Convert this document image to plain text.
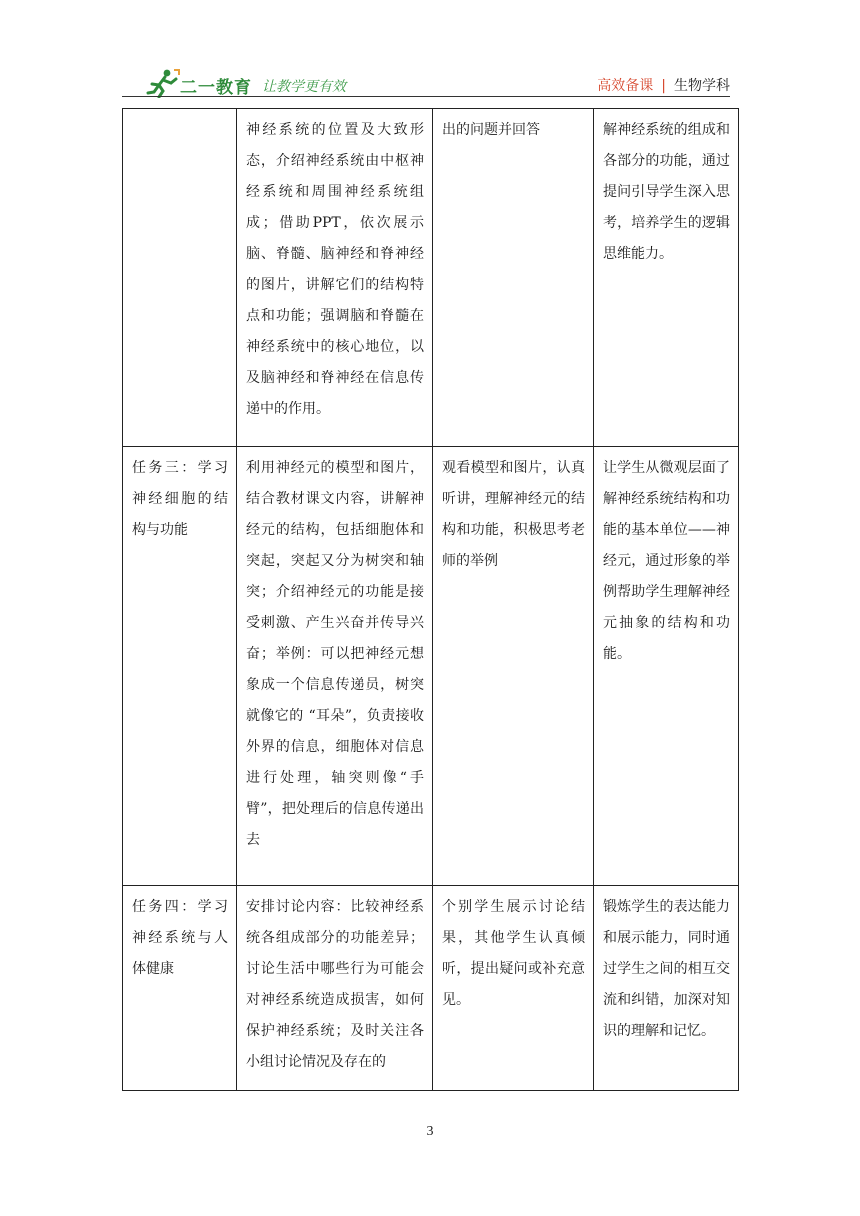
二一教育 让教学更有效	高效备课 | 生物学科
	神经系统的位置及大致形态，介绍神经系统由中枢神经系统和周围神经系统组成；借助PPT，依次展示脑、脊髓、脑神经和脊神经的图片，讲解它们的结构特点和功能；强调脑和脊髓在神经系统中的核心地位，以及脑神经和脊神经在信息传递中的作用。	出的问题并回答	解神经系统的组成和各部分的功能，通过提问引导学生深入思考，培养学生的逻辑思维能力。
任务三：学习神经细胞的结构与功能	利用神经元的模型和图片，结合教材课文内容，讲解神经元的结构，包括细胞体和突起，突起又分为树突和轴突；介绍神经元的功能是接受刺激、产生兴奋并传导兴奋；举例：可以把神经元想象成一个信息传递员，树突就像它的 “耳朵”，负责接收外界的信息，细胞体对信息进行处理，轴突则像“手臂”，把处理后的信息传递出去	观看模型和图片，认真听讲，理解神经元的结构和功能，积极思考老师的举例	让学生从微观层面了解神经系统结构和功能的基本单位——神经元，通过形象的举例帮助学生理解神经元抽象的结构和功能。
任务四：学习神经系统与人体健康	安排讨论内容：比较神经系统各组成部分的功能差异；讨论生活中哪些行为可能会对神经系统造成损害，如何保护神经系统；及时关注各小组讨论情况及存在的	个别学生展示讨论结果，其他学生认真倾听，提出疑问或补充意见。	锻炼学生的表达能力和展示能力，同时通过学生之间的相互交流和纠错，加深对知识的理解和记忆。
3
